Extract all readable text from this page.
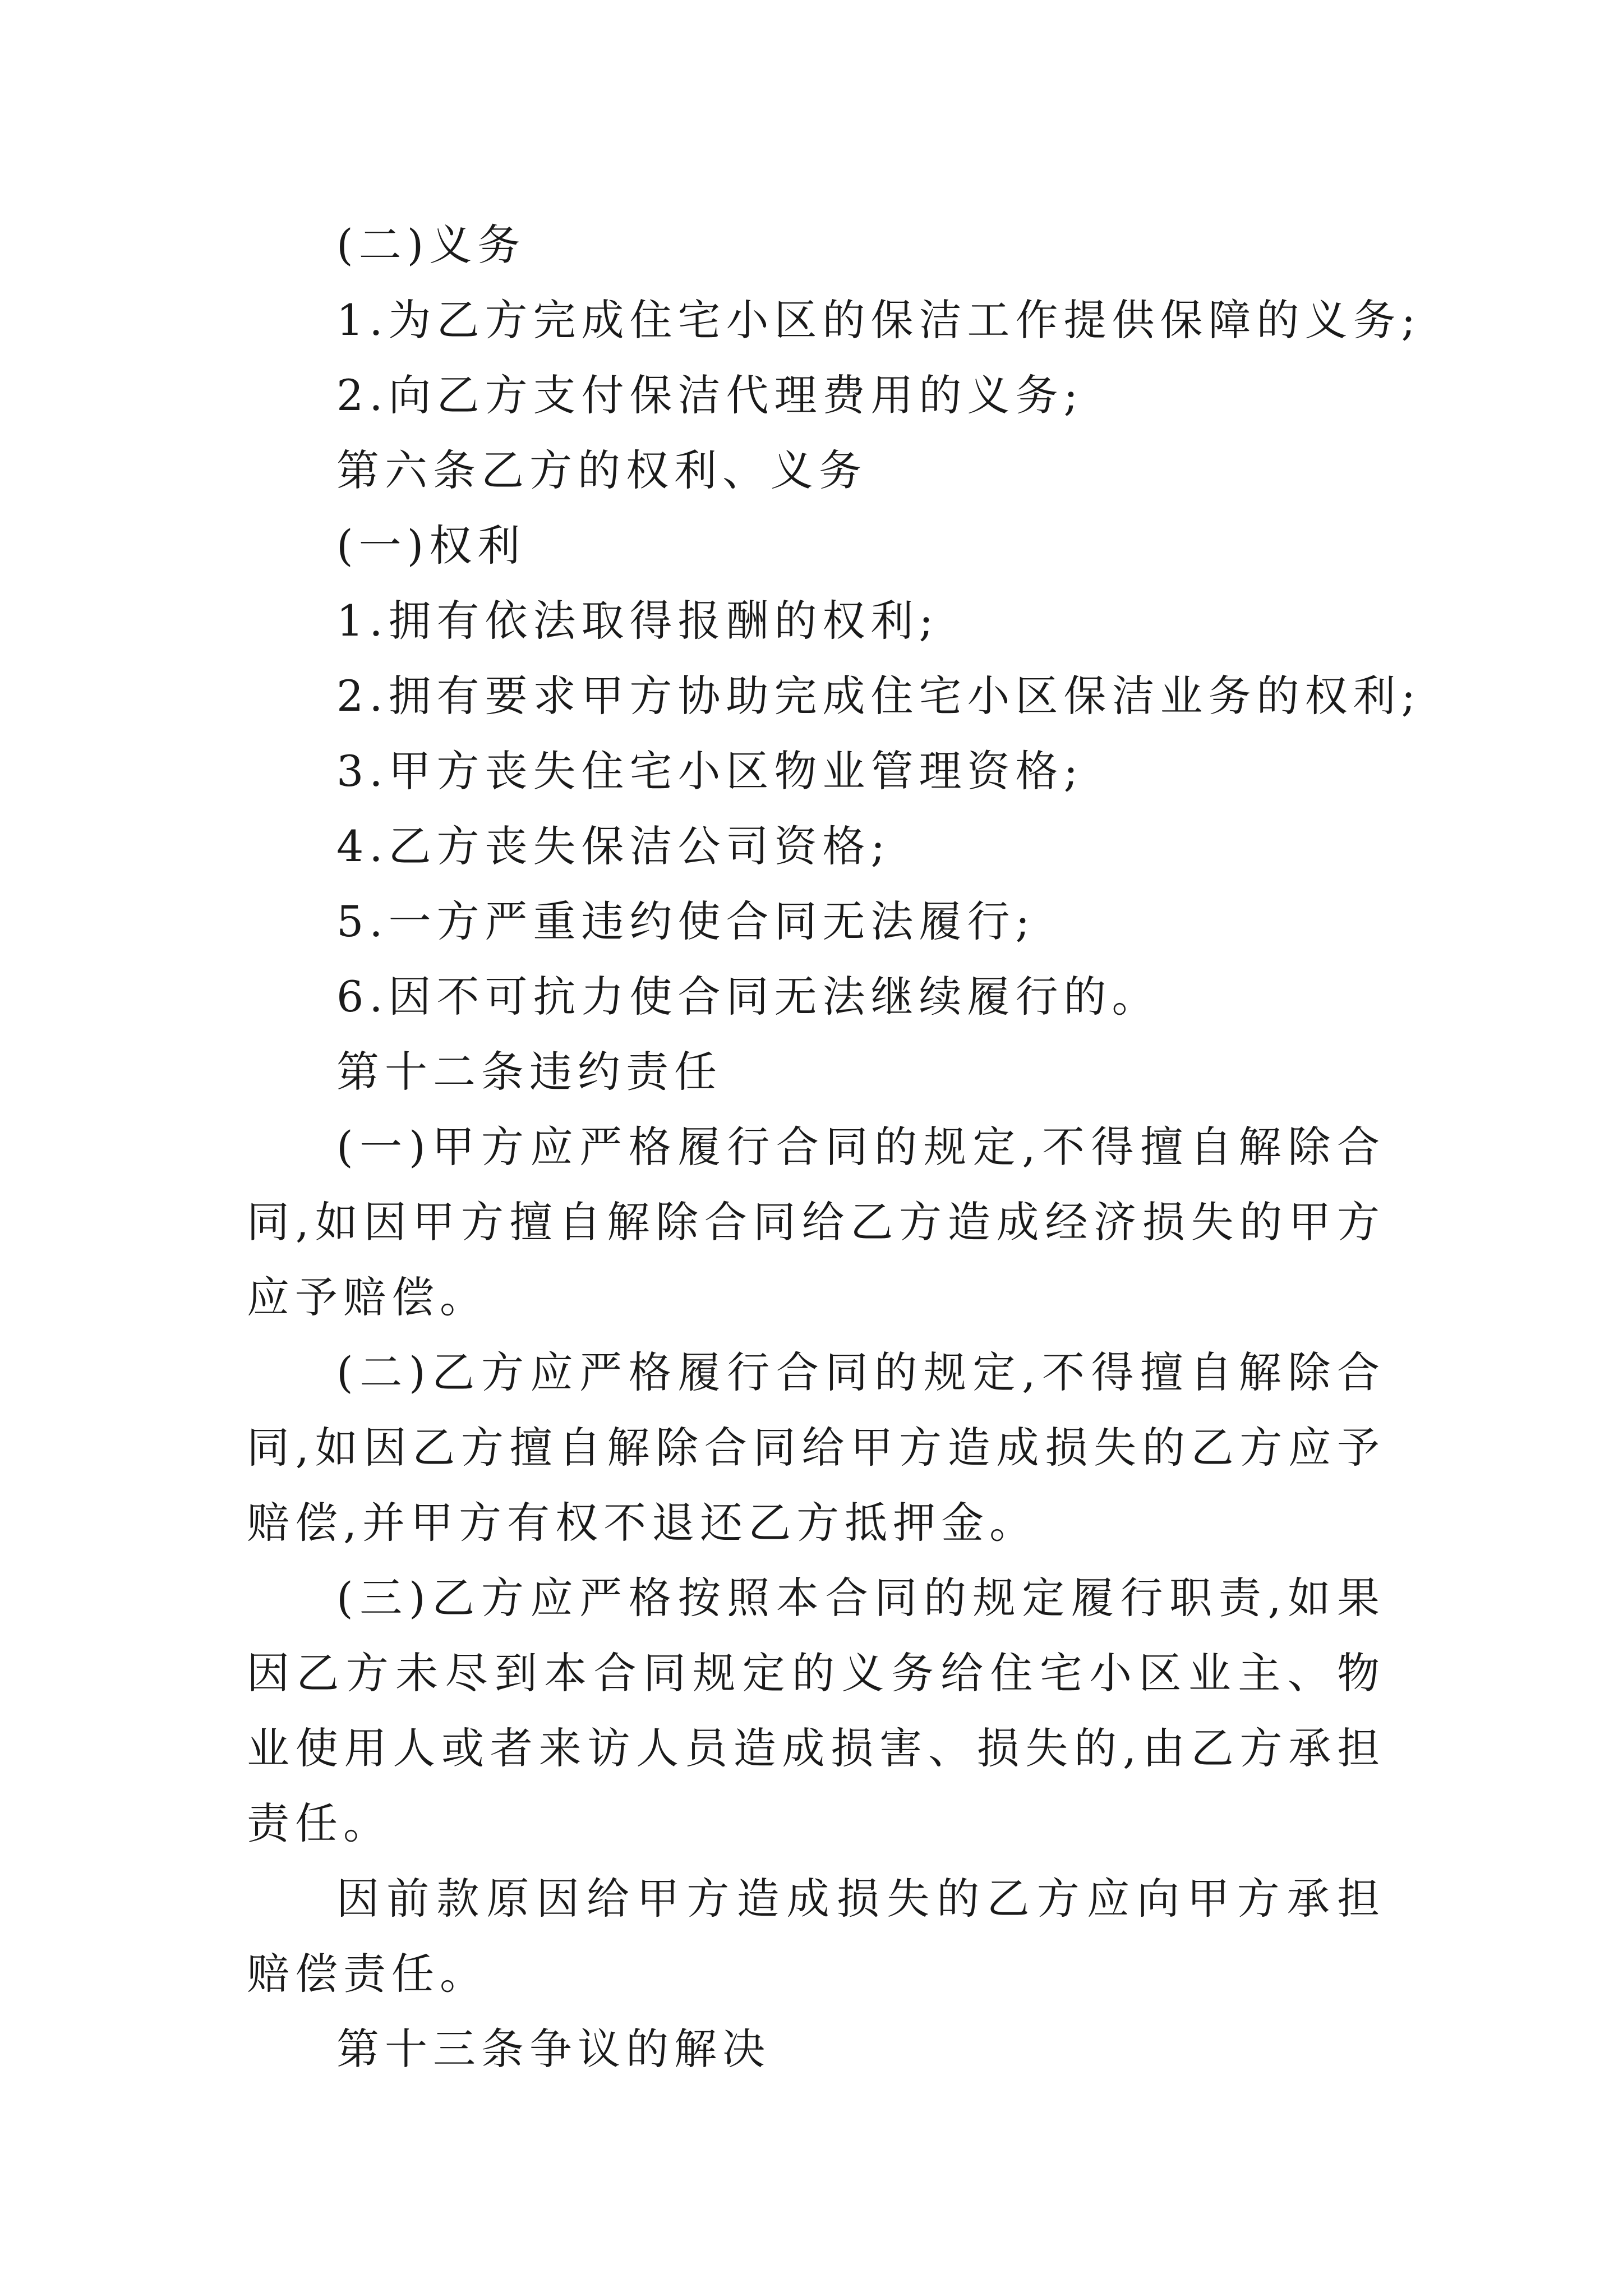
(二)义务

1.为乙方完成住宅小区的保洁工作提供保障的义务;

2.向乙方支付保洁代理费用的义务;

第六条乙方的权利、义务

(一)权利

1.拥有依法取得报酬的权利;

2.拥有要求甲方协助完成住宅小区保洁业务的权利;

3.甲方丧失住宅小区物业管理资格;

4.乙方丧失保洁公司资格;

5.一方严重违约使合同无法履行;

6.因不可抗力使合同无法继续履行的。

第十二条违约责任

(一)甲方应严格履行合同的规定,不得擅自解除合同,如因甲方擅自解除合同给乙方造成经济损失的甲方应予赔偿。

(二)乙方应严格履行合同的规定,不得擅自解除合同,如因乙方擅自解除合同给甲方造成损失的乙方应予赔偿,并甲方有权不退还乙方抵押金。

(三)乙方应严格按照本合同的规定履行职责,如果因乙方未尽到本合同规定的义务给住宅小区业主、物业使用人或者来访人员造成损害、损失的,由乙方承担责任。

因前款原因给甲方造成损失的乙方应向甲方承担赔偿责任。

第十三条争议的解决
